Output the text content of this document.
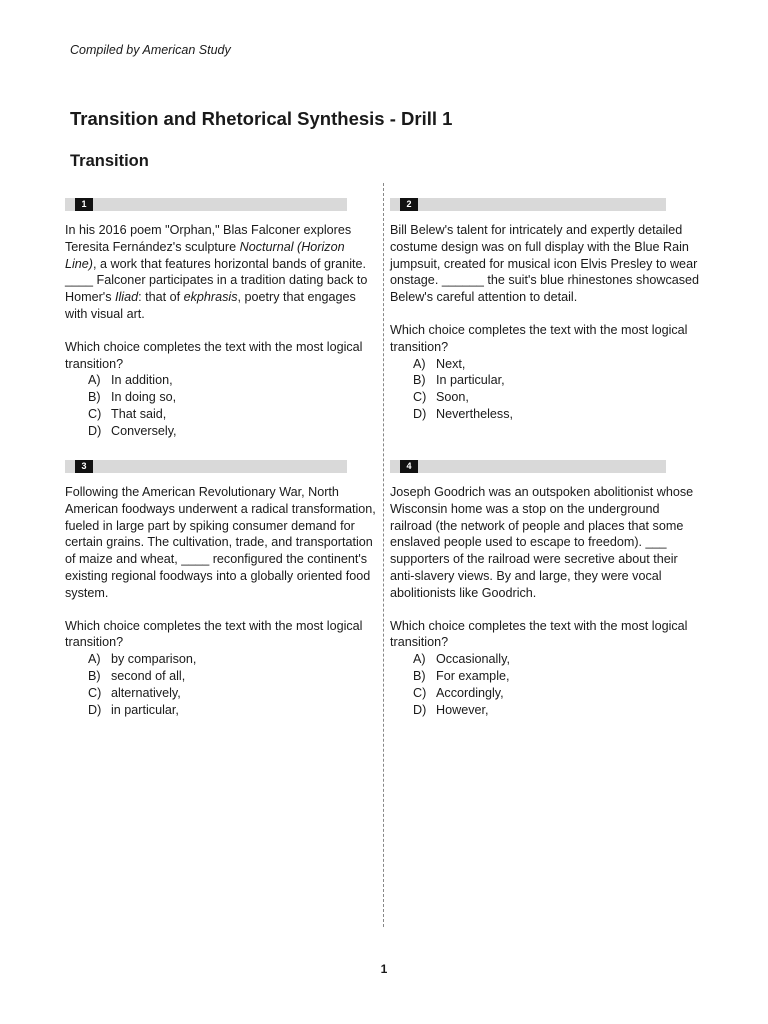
Compiled by American Study
Transition and Rhetorical Synthesis - Drill 1
Transition
1

In his 2016 poem "Orphan," Blas Falconer explores Teresita Fernández's sculpture Nocturnal (Horizon Line), a work that features horizontal bands of granite. ____ Falconer participates in a tradition dating back to Homer's Iliad: that of ekphrasis, poetry that engages with visual art.

Which choice completes the text with the most logical transition?

A) In addition,
B) In doing so,
C) That said,
D) Conversely,
2

Bill Belew's talent for intricately and expertly detailed costume design was on full display with the Blue Rain jumpsuit, created for musical icon Elvis Presley to wear onstage. ______ the suit's blue rhinestones showcased Belew's careful attention to detail.

Which choice completes the text with the most logical transition?

A) Next,
B) In particular,
C) Soon,
D) Nevertheless,
3

Following the American Revolutionary War, North American foodways underwent a radical transformation, fueled in large part by spiking consumer demand for certain grains. The cultivation, trade, and transportation of maize and wheat, ____ reconfigured the continent's existing regional foodways into a globally oriented food system.

Which choice completes the text with the most logical transition?

A) by comparison,
B) second of all,
C) alternatively,
D) in particular,
4

Joseph Goodrich was an outspoken abolitionist whose Wisconsin home was a stop on the underground railroad (the network of people and places that some enslaved people used to escape to freedom). ___ supporters of the railroad were secretive about their anti-slavery views. By and large, they were vocal abolitionists like Goodrich.

Which choice completes the text with the most logical transition?

A) Occasionally,
B) For example,
C) Accordingly,
D) However,
1
